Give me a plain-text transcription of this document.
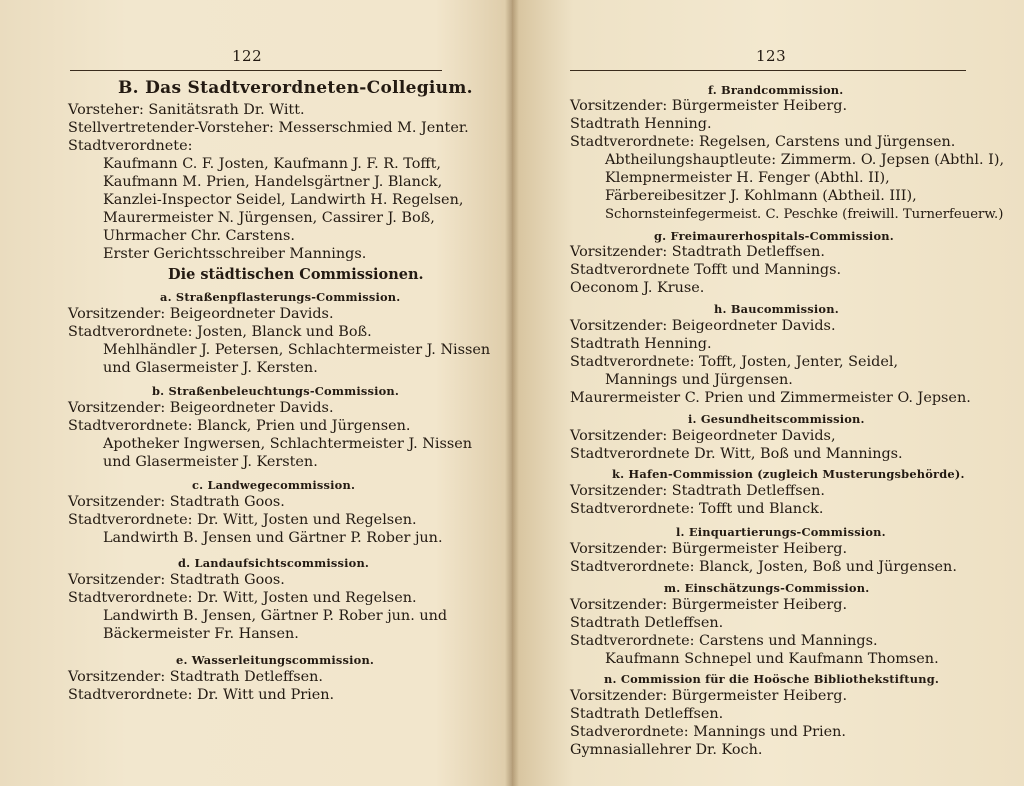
122
B. Das Stadtverordneten-Collegium.
Vorsteher: Sanitätsrath Dr. Witt.
Stellvertretender-Vorsteher: Messerschmied M. Jenter.
Stadtverordnete:
Kaufmann C. F. Josten, Kaufmann J. F. R. Tofft,
Kaufmann M. Prien, Handelsgärtner J. Blanck,
Kanzlei-Inspector Seidel, Landwirth H. Regelsen,
Maurermeister N. Jürgensen, Cassirer J. Boß,
Uhrmacher Chr. Carstens.
Erster Gerichtsschreiber Mannings.
Die städtischen Commissionen.
a. Straßenpflasterungs-Commission.
Vorsitzender: Beigeordneter Davids.
Stadtverordnete: Josten, Blanck und Boß.
Mehlhändler J. Petersen, Schlachtermeister J. Nissen
und Glasermeister J. Kersten.
b. Straßenbeleuchtungs-Commission.
Vorsitzender: Beigeordneter Davids.
Stadtverordnete: Blanck, Prien und Jürgensen.
Apotheker Ingwersen, Schlachtermeister J. Nissen
und Glasermeister J. Kersten.
c. Landwegecommission.
Vorsitzender: Stadtrath Goos.
Stadtverordnete: Dr. Witt, Josten und Regelsen.
Landwirth B. Jensen und Gärtner P. Rober jun.
d. Landaufsichtscommission.
Vorsitzender: Stadtrath Goos.
Stadtverordnete: Dr. Witt, Josten und Regelsen.
Landwirth B. Jensen, Gärtner P. Rober jun. und
Bäckermeister Fr. Hansen.
e. Wasserleitungscommission.
Vorsitzender: Stadtrath Detleffsen.
Stadtverordnete: Dr. Witt und Prien.
123
f. Brandcommission.
Vorsitzender: Bürgermeister Heiberg.
Stadtrath Henning.
Stadtverordnete: Regelsen, Carstens und Jürgensen.
Abtheilungshauptleute: Zimmerm. O. Jepsen (Abthl. I),
Klempnermeister H. Fenger (Abthl. II),
Färbereibesitzer J. Kohlmann (Abtheil. III),
Schornsteinfegermeist. C. Peschke (freiwill. Turnerfeuerw.)
g. Freimaurerhospitals-Commission.
Vorsitzender: Stadtrath Detleffsen.
Stadtverordnete Tofft und Mannings.
Oeconom J. Kruse.
h. Baucommission.
Vorsitzender: Beigeordneter Davids.
Stadtrath Henning.
Stadtverordnete: Tofft, Josten, Jenter, Seidel,
Mannings und Jürgensen.
Maurermeister C. Prien und Zimmermeister O. Jepsen.
i. Gesundheitscommission.
Vorsitzender: Beigeordneter Davids,
Stadtverordnete Dr. Witt, Boß und Mannings.
k. Hafen-Commission (zugleich Musterungsbehörde).
Vorsitzender: Stadtrath Detleffsen.
Stadtverordnete: Tofft und Blanck.
l. Einquartierungs-Commission.
Vorsitzender: Bürgermeister Heiberg.
Stadtverordnete: Blanck, Josten, Boß und Jürgensen.
m. Einschätzungs-Commission.
Vorsitzender: Bürgermeister Heiberg.
Stadtrath Detleffsen.
Stadtverordnete: Carstens und Mannings.
Kaufmann Schnepel und Kaufmann Thomsen.
n. Commission für die Hoösche Bibliothekstiftung.
Vorsitzender: Bürgermeister Heiberg.
Stadtrath Detleffsen.
Stadverordnete: Mannings und Prien.
Gymnasiallehrer Dr. Koch.
